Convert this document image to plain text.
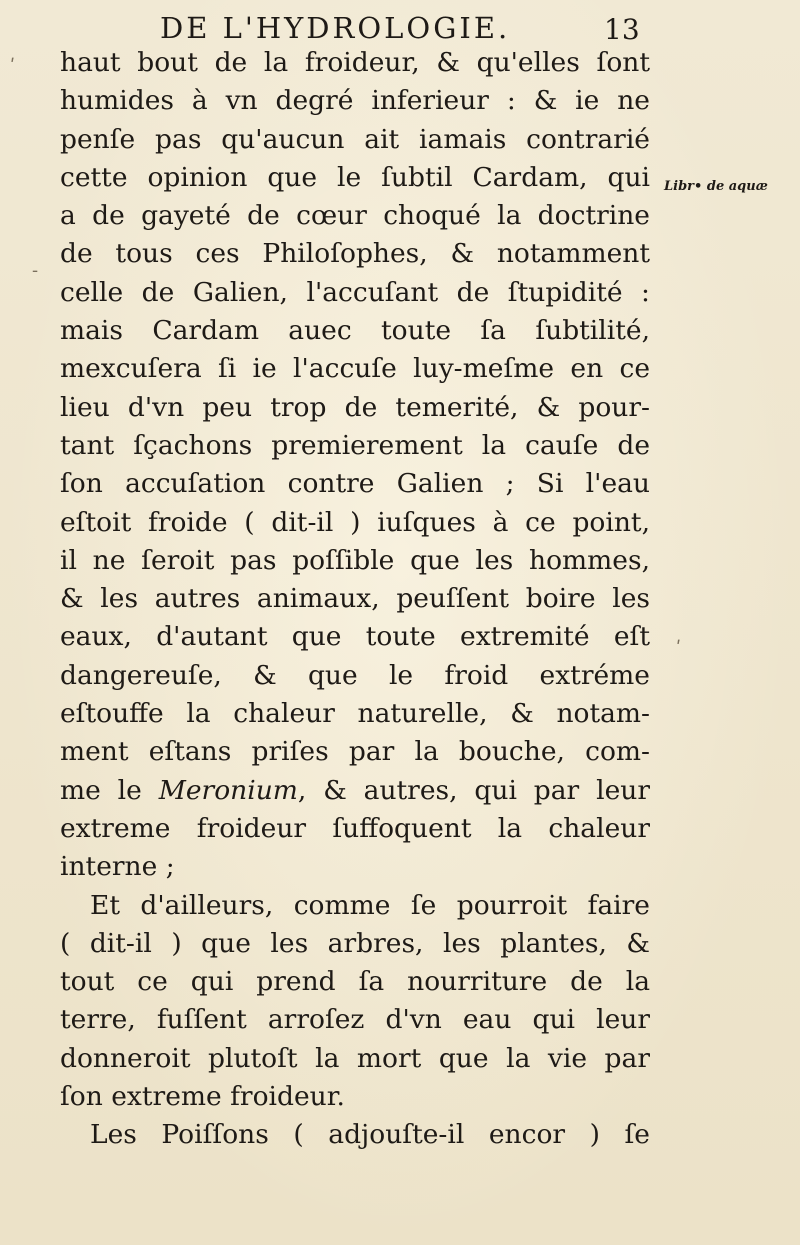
DE L'HYDROLOGIE.	13
Libr• de aquæ
ʹ
-
ʹ
haut bout de la froideur, & qu'elles ſont
humides à vn degré inferieur : & ie ne
penſe pas qu'aucun ait iamais contrarié
cette opinion que le ſubtil Cardam, qui
a de gayeté de cœur choqué la doctrine
de tous ces Philoſophes, & notamment
celle de Galien, l'accuſant de ſtupidité :
mais Cardam auec toute ſa ſubtilité,
mexcuſera ſi ie l'accuſe luy-meſme en ce
lieu d'vn peu trop de temerité, & pour-
tant ſçachons premierement la cauſe de
ſon accuſation contre Galien ; Si l'eau
eſtoit froide ( dit-il ) iuſques à ce point,
il ne ſeroit pas poſſible que les hommes,
& les autres animaux, peuſſent boire les
eaux, d'autant que toute extremité eſt
dangereuſe, & que le froid extréme
eſtouffe la chaleur naturelle, & notam-
ment eſtans priſes par la bouche, com-
me le Meronium, & autres, qui par leur
extreme froideur ſuffoquent la chaleur
interne ;
Et d'ailleurs, comme ſe pourroit faire
( dit-il ) que les arbres, les plantes, &
tout ce qui prend ſa nourriture de la
terre, fuſſent arroſez d'vn eau qui leur
donneroit plutoſt la mort que la vie par
ſon extreme froideur.
Les Poiſſons ( adjouſte-il encor ) ſe
